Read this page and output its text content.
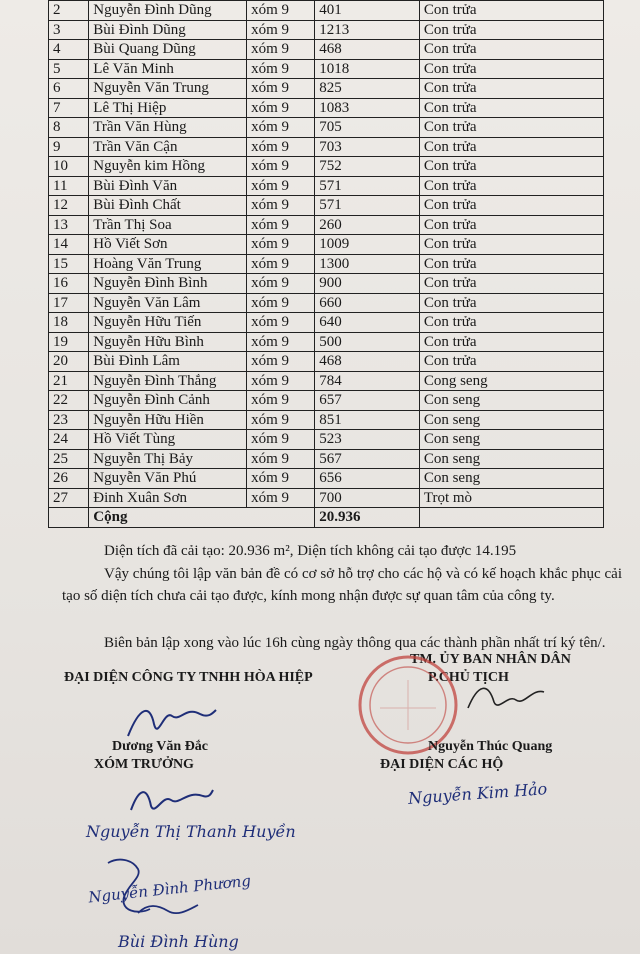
2	Nguyễn Đình Dũng	xóm 9	401	Con trửa
3	Bùi Đình Dũng	xóm 9	1213	Con trửa
4	Bùi Quang Dũng	xóm 9	468	Con trửa
5	Lê Văn Minh	xóm 9	1018	Con trửa
6	Nguyễn Văn Trung	xóm 9	825	Con trửa
7	Lê Thị Hiệp	xóm 9	1083	Con trửa
8	Trần Văn Hùng	xóm 9	705	Con trửa
9	Trần Văn Cận	xóm 9	703	Con trửa
10	Nguyễn kim Hồng	xóm 9	752	Con trửa
11	Bùi Đình Văn	xóm 9	571	Con trửa
12	Bùi Đình Chất	xóm 9	571	Con trửa
13	Trần Thị Soa	xóm 9	260	Con trửa
14	Hồ Viết Sơn	xóm 9	1009	Con trửa
15	Hoàng Văn Trung	xóm 9	1300	Con trửa
16	Nguyễn Đình Bình	xóm 9	900	Con trửa
17	Nguyễn Văn Lâm	xóm 9	660	Con trửa
18	Nguyễn Hữu Tiến	xóm 9	640	Con trửa
19	Nguyễn Hữu Bình	xóm 9	500	Con trửa
20	Bùi Đình Lâm	xóm 9	468	Con trửa
21	Nguyễn Đình Thắng	xóm 9	784	Cong seng
22	Nguyễn Đình Cảnh	xóm 9	657	Con seng
23	Nguyễn Hữu Hiền	xóm 9	851	Con seng
24	Hồ Viết Tùng	xóm 9	523	Con seng
25	Nguyễn Thị Bảy	xóm 9	567	Con seng
26	Nguyễn Văn Phú	xóm 9	656	Con seng
27	Đinh Xuân Sơn	xóm 9	700	Trọt mò
	Cộng		20.936	
Diện tích đã cải tạo: 20.936 m², Diện tích không cải tạo được 14.195
Vậy chúng tôi lập văn bản đề có cơ sở hỗ trợ cho các hộ và có kế hoạch khắc phục cải tạo số diện tích chưa cải tạo được, kính mong nhận được sự quan tâm của công ty.
Biên bản lập xong vào lúc 16h cùng ngày thông qua các thành phần nhất trí ký tên/.
ĐẠI DIỆN CÔNG TY TNHH HÒA HIỆP
TM. ỦY BAN NHÂN DÂN
P.CHỦ TỊCH
Dương Văn Đắc	Nguyễn Thúc Quang
XÓM TRƯỞNG	ĐẠI DIỆN CÁC HỘ
Nguyễn Thị Thanh Huyền
Nguyễn Đình Phương
Bùi Đình Hùng
Nguyễn Kim Hảo
